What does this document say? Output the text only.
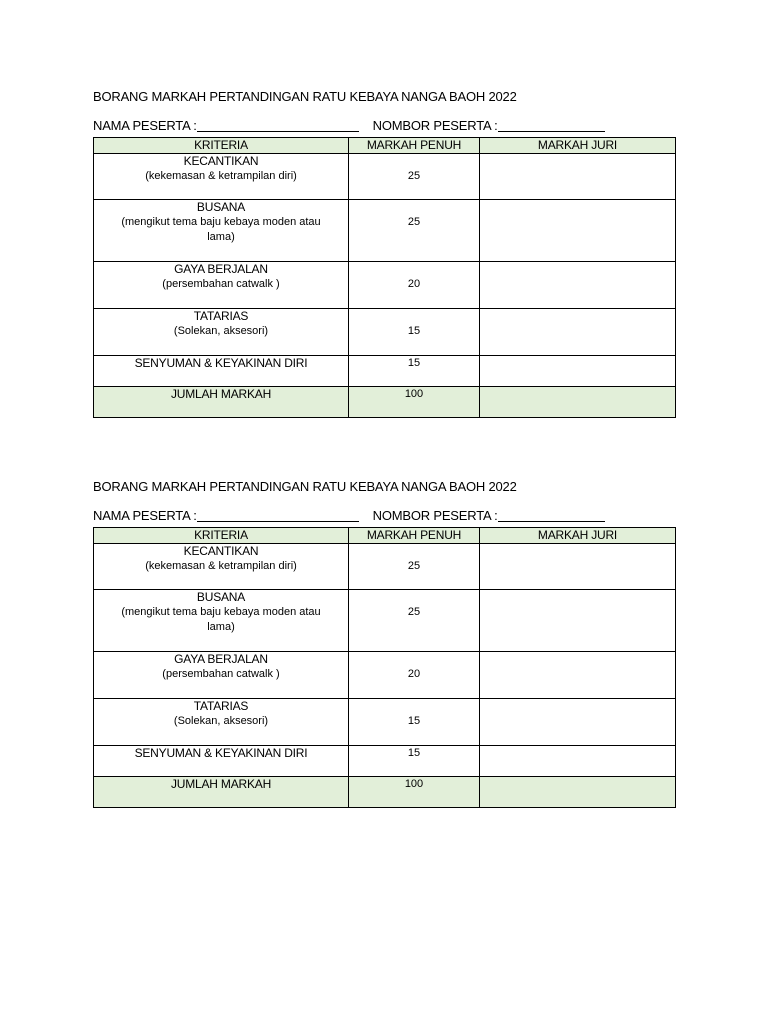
BORANG MARKAH PERTANDINGAN RATU KEBAYA NANGA BAOH 2022
NAMA PESERTA :	NOMBOR PESERTA :
KRITERIA	MARKAH PENUH	MARKAH JURI

KECANTIKAN
(kekemasan & ketrampilan diri)	25	

BUSANA
(mengikut tema baju kebaya moden atau lama)	25	

GAYA BERJALAN
(persembahan catwalk )	20	

TATARIAS
(Solekan, aksesori)	15	

SENYUMAN & KEYAKINAN DIRI	15	

JUMLAH MARKAH	100	

BORANG MARKAH PERTANDINGAN RATU KEBAYA NANGA BAOH 2022
NAMA PESERTA :	NOMBOR PESERTA :
KRITERIA	MARKAH PENUH	MARKAH JURI

KECANTIKAN
(kekemasan & ketrampilan diri)	25	

BUSANA
(mengikut tema baju kebaya moden atau lama)	25	

GAYA BERJALAN
(persembahan catwalk )	20	

TATARIAS
(Solekan, aksesori)	15	

SENYUMAN & KEYAKINAN DIRI	15	

JUMLAH MARKAH	100	
